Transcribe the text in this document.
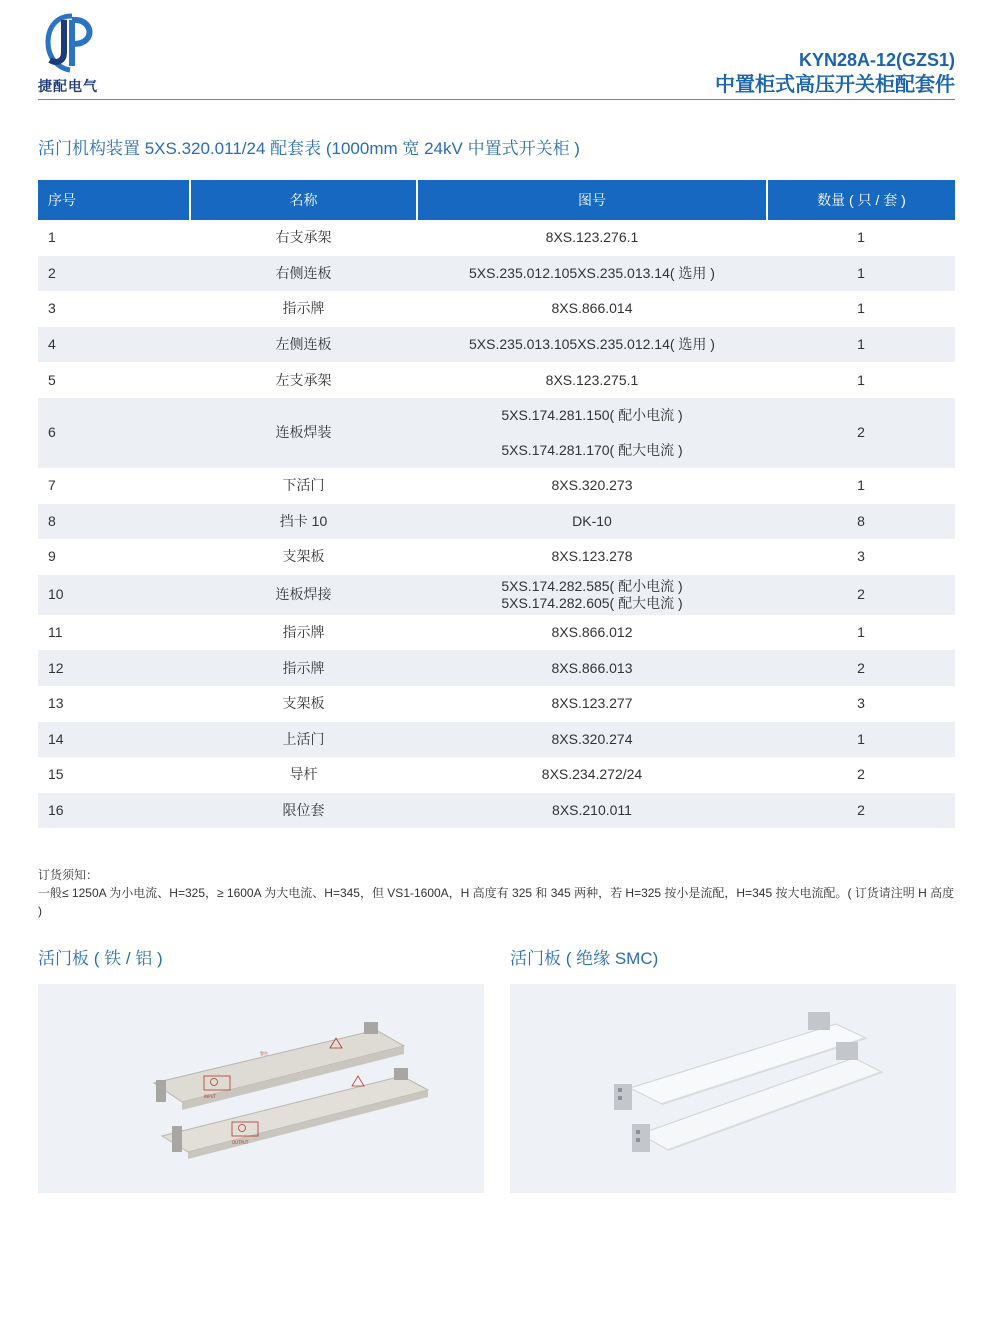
捷配电气
KYN28A-12(GZS1)
中置柜式高压开关柜配套件
活门机构装置 5XS.320.011/24 配套表 (1000mm 宽 24kV 中置式开关柜 )
序号	名称	图号	数量 ( 只 / 套 )
1	右支承架	8XS.123.276.1	1
2	右侧连板	5XS.235.012.105XS.235.013.14( 选用 )	1
3	指示牌	8XS.866.014	1
4	左侧连板	5XS.235.013.105XS.235.012.14( 选用 )	1
5	左支承架	8XS.123.275.1	1
6	连板焊装	5XS.174.281.150( 配小电流 )
5XS.174.281.170( 配大电流 )	2
7	下活门	8XS.320.273	1
8	挡卡 10	DK-10	8
9	支架板	8XS.123.278	3
10	连板焊接	5XS.174.282.585( 配小电流 )
5XS.174.282.605( 配大电流 )	2
11	指示牌	8XS.866.012	1
12	指示牌	8XS.866.013	2
13	支架板	8XS.123.277	3
14	上活门	8XS.320.274	1
15	导杆	8XS.234.272/24	2
16	限位套	8XS.210.011	2
订货须知：
一般≤ 1250A 为小电流、H=325，≥ 1600A 为大电流、H=345，但 VS1-1600A，H 高度有 325 和 345 两种，若 H=325 按小是流配，H=345 按大电流配。( 订货请注明 H 高度 )
活门板 ( 铁 / 铝 )	活门板 ( 绝缘 SMC)
警告
OUTPUT
INPUT
